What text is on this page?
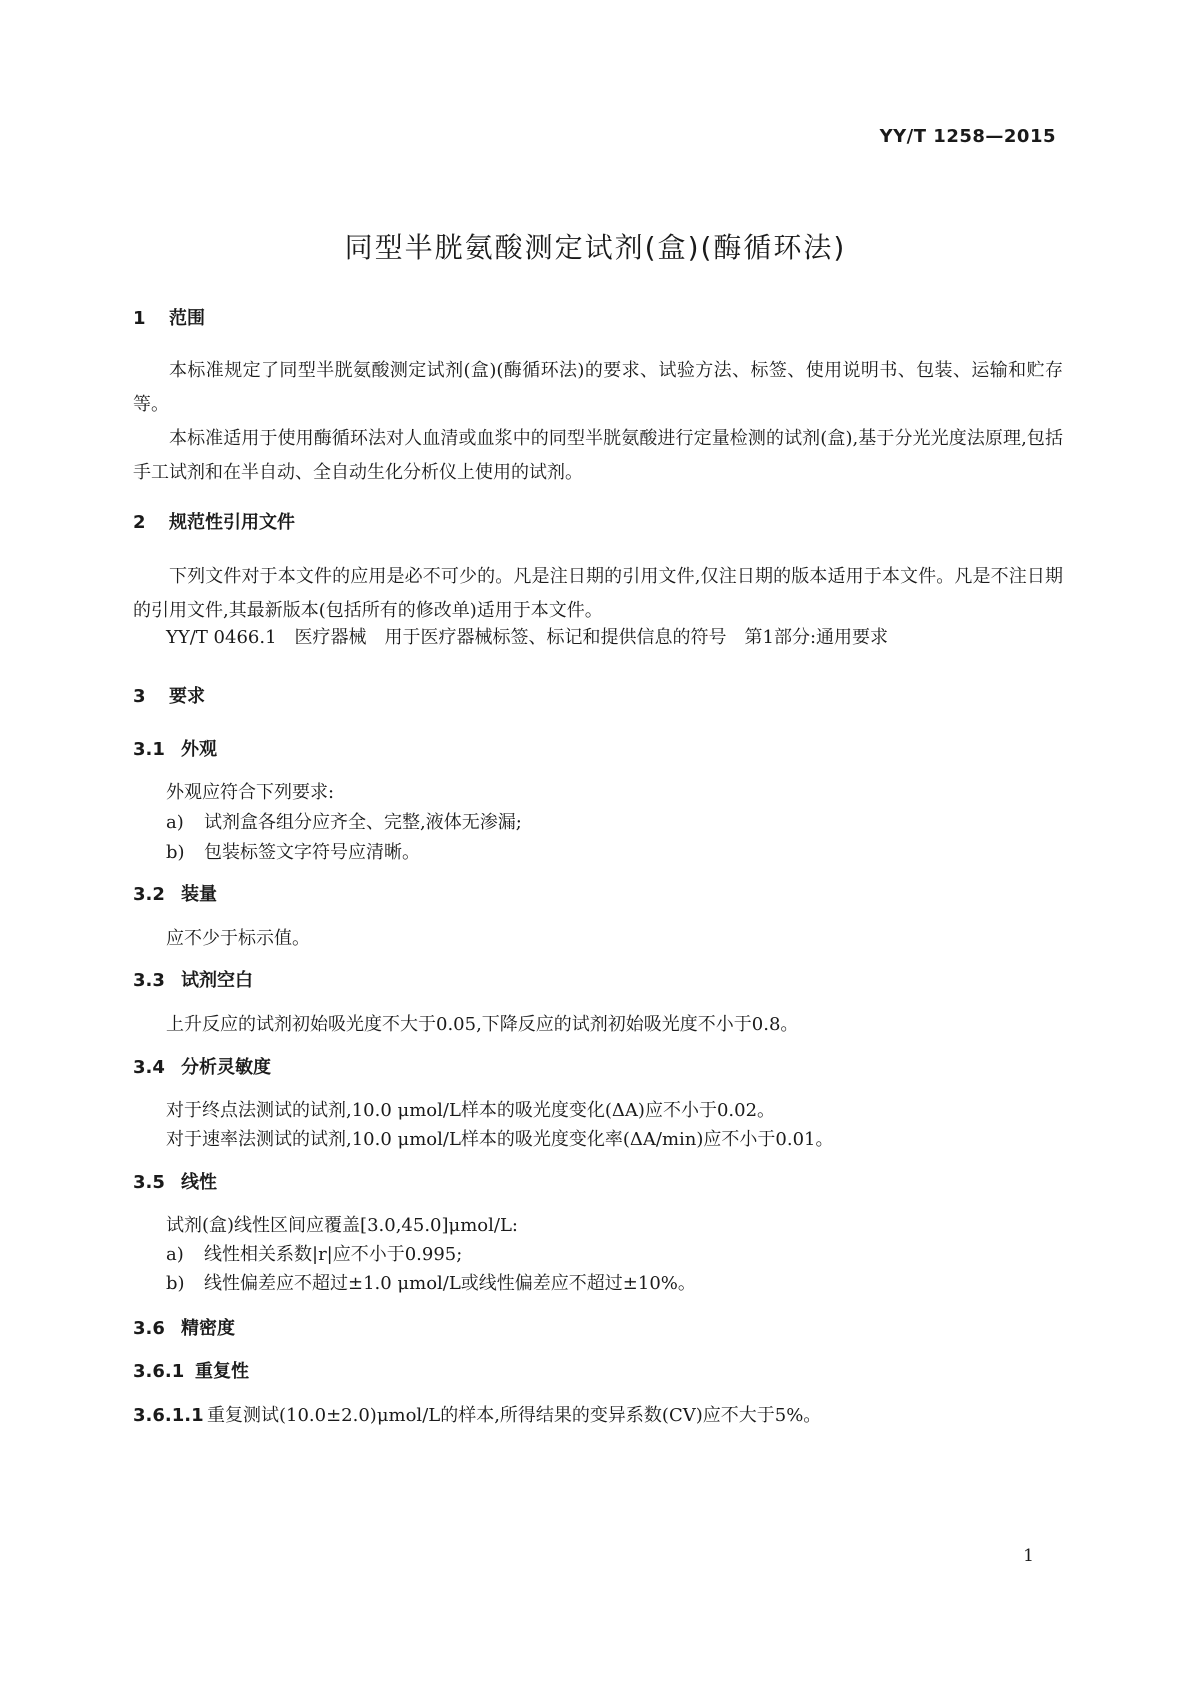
YY/T 1258—2015
同型半胱氨酸测定试剂(盒)(酶循环法)
1 范围
本标准规定了同型半胱氨酸测定试剂(盒)(酶循环法)的要求、试验方法、标签、使用说明书、包装、运输和贮存等。
本标准适用于使用酶循环法对人血清或血浆中的同型半胱氨酸进行定量检测的试剂(盒),基于分光光度法原理,包括手工试剂和在半自动、全自动生化分析仪上使用的试剂。
2 规范性引用文件
下列文件对于本文件的应用是必不可少的。凡是注日期的引用文件,仅注日期的版本适用于本文件。凡是不注日期的引用文件,其最新版本(包括所有的修改单)适用于本文件。
YY/T 0466.1　医疗器械　用于医疗器械标签、标记和提供信息的符号　第1部分:通用要求
3 要求
3.1 外观
外观应符合下列要求:
a) 试剂盒各组分应齐全、完整,液体无渗漏;
b) 包装标签文字符号应清晰。
3.2 装量
应不少于标示值。
3.3 试剂空白
上升反应的试剂初始吸光度不大于0.05,下降反应的试剂初始吸光度不小于0.8。
3.4 分析灵敏度
对于终点法测试的试剂,10.0 μmol/L样本的吸光度变化(ΔA)应不小于0.02。
对于速率法测试的试剂,10.0 μmol/L样本的吸光度变化率(ΔA/min)应不小于0.01。
3.5 线性
试剂(盒)线性区间应覆盖[3.0,45.0]μmol/L:
a) 线性相关系数|r|应不小于0.995;
b) 线性偏差应不超过±1.0 μmol/L或线性偏差应不超过±10%。
3.6 精密度
3.6.1 重复性
3.6.1.1 重复测试(10.0±2.0)μmol/L的样本,所得结果的变异系数(CV)应不大于5%。
1
